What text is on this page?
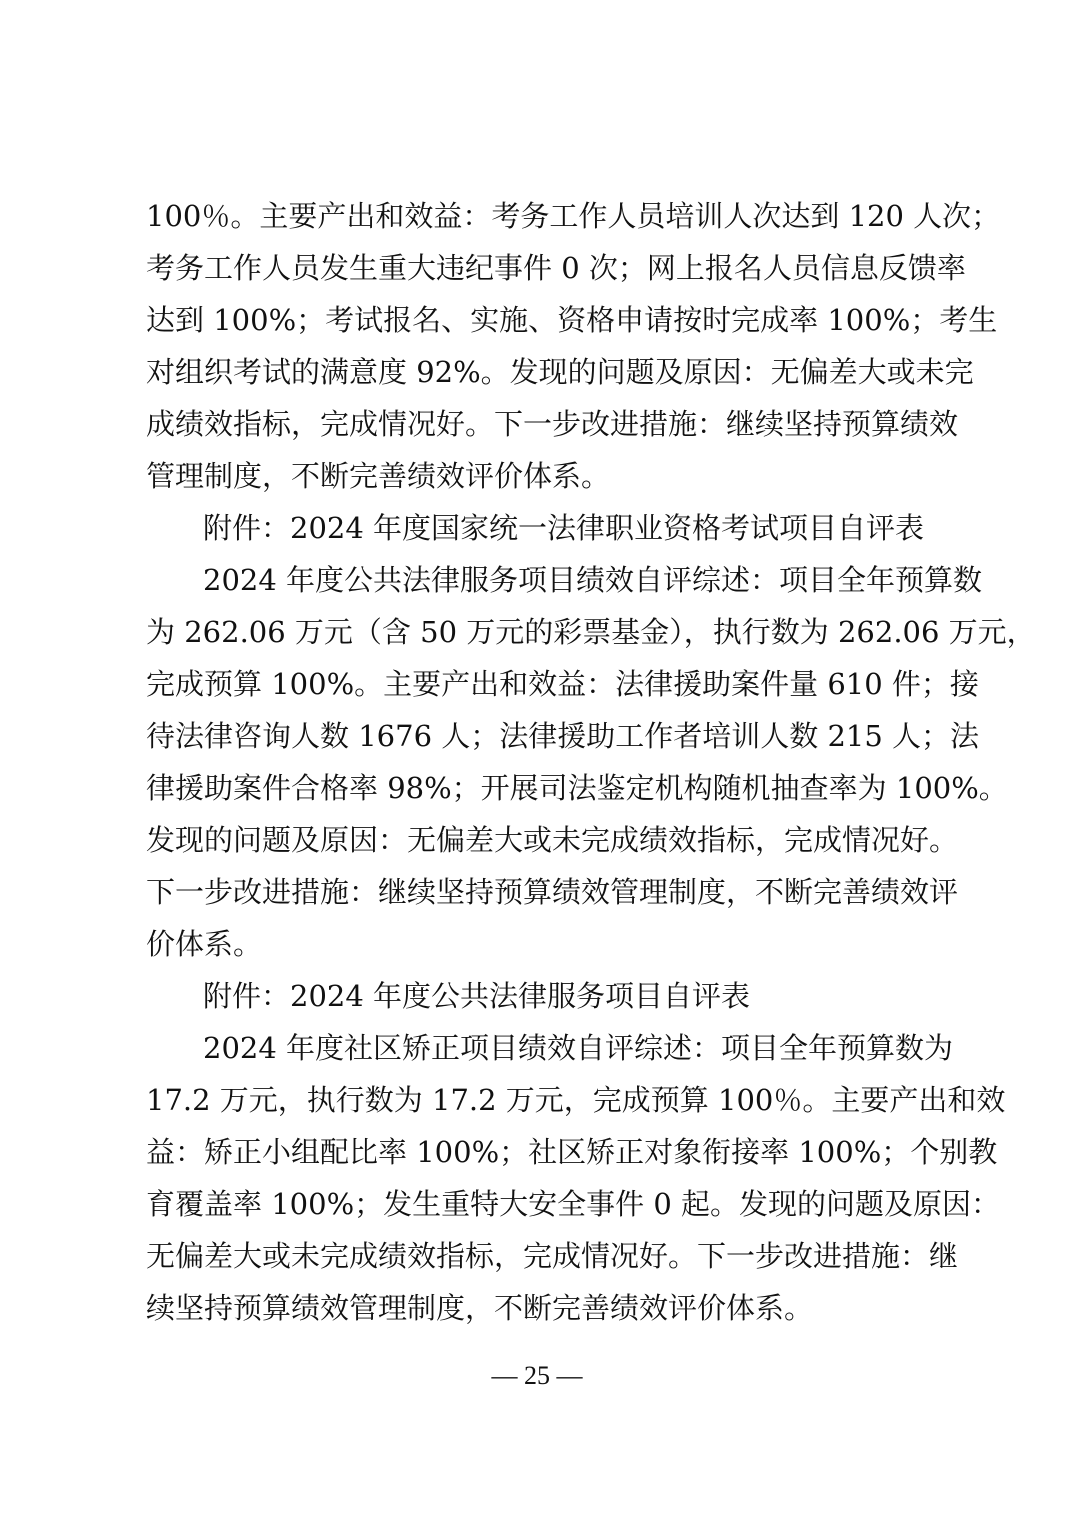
100％。主要产出和效益：考务工作人员培训人次达到 120 人次；
考务工作人员发生重大违纪事件 0 次；网上报名人员信息反馈率
达到 100%；考试报名、实施、资格申请按时完成率 100%；考生
对组织考试的满意度 92%。发现的问题及原因：无偏差大或未完
成绩效指标，完成情况好。下一步改进措施：继续坚持预算绩效
管理制度，不断完善绩效评价体系。
附件：2024 年度国家统一法律职业资格考试项目自评表
2024 年度公共法律服务项目绩效自评综述：项目全年预算数
为 262.06 万元（含 50 万元的彩票基金），执行数为 262.06 万元，
完成预算 100%。主要产出和效益：法律援助案件量 610 件；接
待法律咨询人数 1676 人；法律援助工作者培训人数 215 人；法
律援助案件合格率 98%；开展司法鉴定机构随机抽查率为 100%。
发现的问题及原因：无偏差大或未完成绩效指标，完成情况好。
下一步改进措施：继续坚持预算绩效管理制度，不断完善绩效评
价体系。
附件：2024 年度公共法律服务项目自评表
2024 年度社区矫正项目绩效自评综述：项目全年预算数为
17.2 万元，执行数为 17.2 万元，完成预算 100％。主要产出和效
益：矫正小组配比率 100%；社区矫正对象衔接率 100%；个别教
育覆盖率 100%；发生重特大安全事件 0 起。发现的问题及原因：
无偏差大或未完成绩效指标，完成情况好。下一步改进措施：继
续坚持预算绩效管理制度，不断完善绩效评价体系。
— 25 —
